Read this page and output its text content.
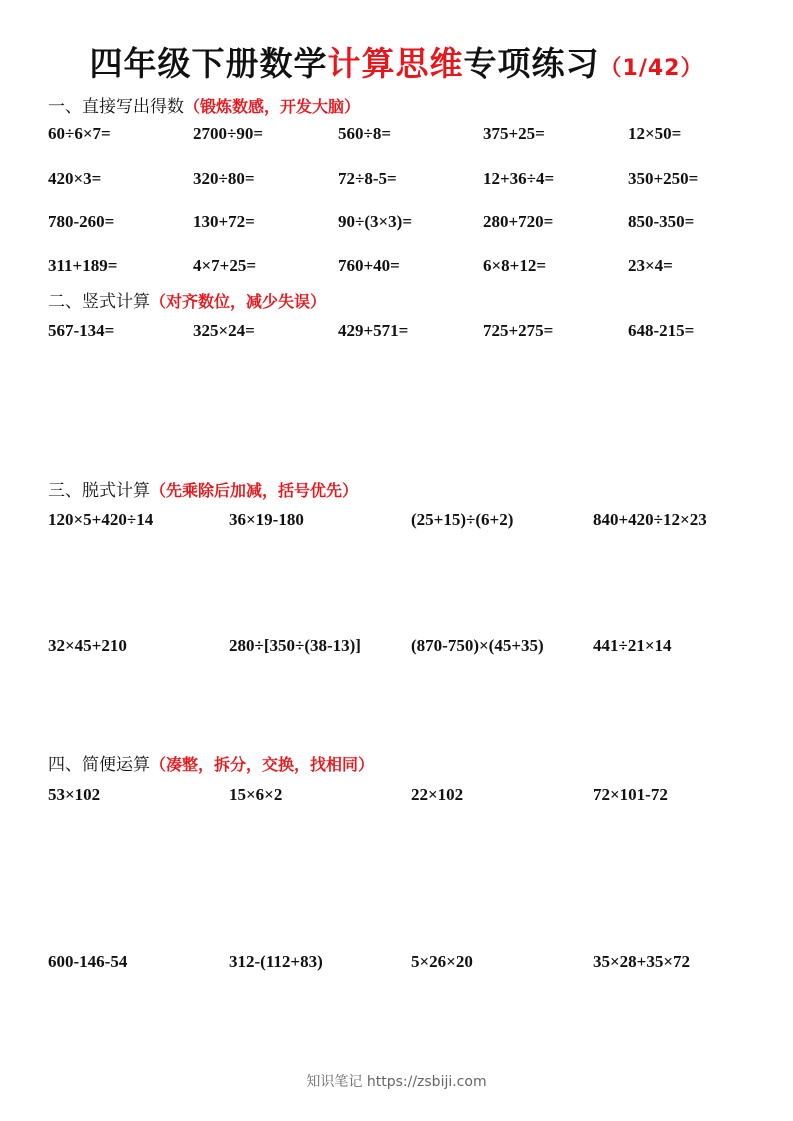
四年级下册数学计算思维专项练习（1/42）
一、直接写出得数（锻炼数感，开发大脑）
60÷6×7=	2700÷90=	560÷8=	375+25=	12×50=
420×3=	320÷80=	72÷8-5=	12+36÷4=	350+250=
780-260=	130+72=	90÷(3×3)=	280+720=	850-350=
311+189=	4×7+25=	760+40=	6×8+12=	23×4=
二、竖式计算（对齐数位，减少失误）
567-134=	325×24=	429+571=	725+275=	648-215=
三、脱式计算（先乘除后加减，括号优先）
120×5+420÷14	36×19-180	(25+15)÷(6+2)	840+420÷12×23
32×45+210	280÷[350÷(38-13)]	(870-750)×(45+35)	441÷21×14
四、简便运算（凑整，拆分，交换，找相同）
53×102	15×6×2	22×102	72×101-72
600-146-54	312-(112+83)	5×26×20	35×28+35×72
知识笔记 https://zsbiji.com
